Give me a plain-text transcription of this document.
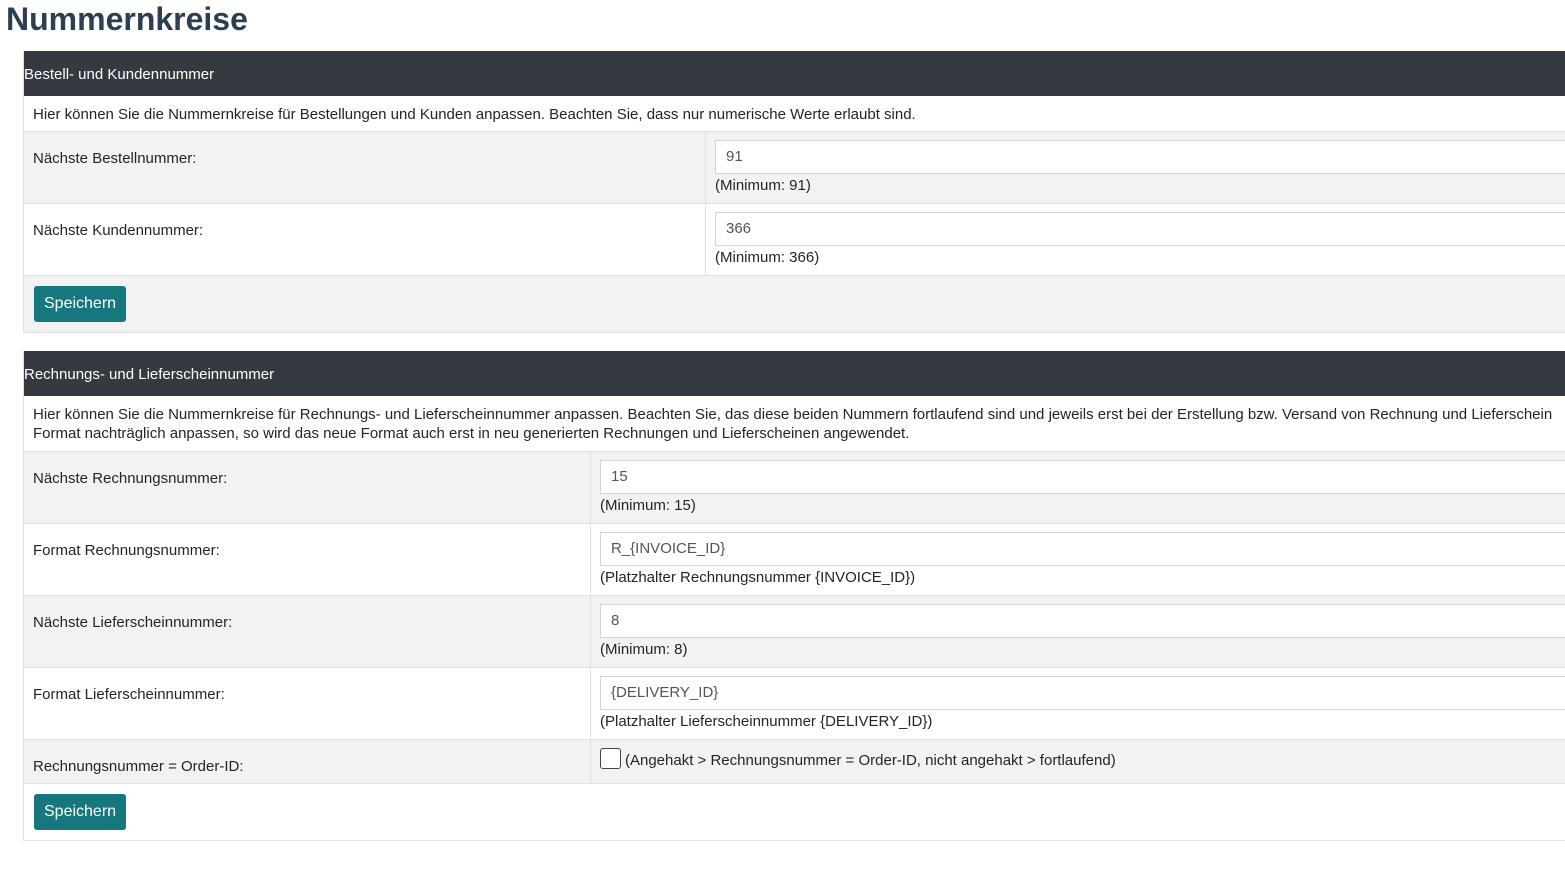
Nummernkreise
Bestell- und Kundennummer
Hier können Sie die Nummernkreise für Bestellungen und Kunden anpassen. Beachten Sie, dass nur numerische Werte erlaubt sind.
Nächste Bestellnummer:
91
(Minimum: 91)
Nächste Kundennummer:
366
(Minimum: 366)
Speichern
Rechnungs- und Lieferscheinnummer
Hier können Sie die Nummernkreise für Rechnungs- und Lieferscheinnummer anpassen. Beachten Sie, das diese beiden Nummern fortlaufend sind und jeweils erst bei der Erstellung bzw. Versand von Rechnung und Lieferschein
Format nachträglich anpassen, so wird das neue Format auch erst in neu generierten Rechnungen und Lieferscheinen angewendet.
Nächste Rechnungsnummer:
15
(Minimum: 15)
Format Rechnungsnummer:
R_{INVOICE_ID}
(Platzhalter Rechnungsnummer {INVOICE_ID})
Nächste Lieferscheinnummer:
8
(Minimum: 8)
Format Lieferscheinnummer:
{DELIVERY_ID}
(Platzhalter Lieferscheinnummer {DELIVERY_ID})
Rechnungsnummer = Order-ID:	(Angehakt > Rechnungsnummer = Order-ID, nicht angehakt > fortlaufend)
Speichern
